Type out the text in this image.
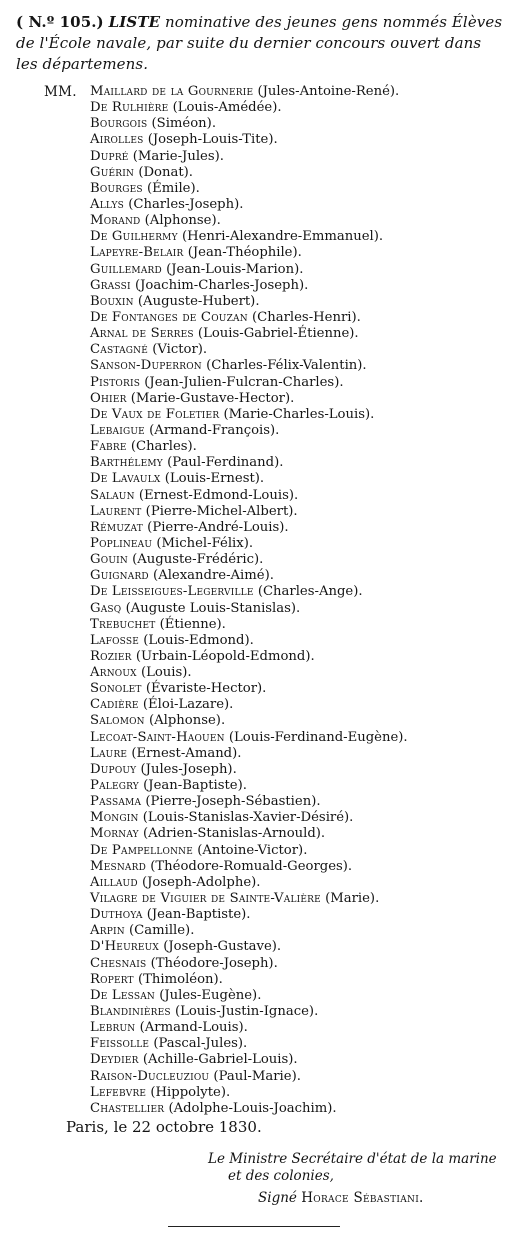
( N.º 105.) LISTE nominative des jeunes gens nommés Élèves de l'École navale, par suite du dernier concours ouvert dans les départemens.
MM. Maillard de la Gournerie (Jules-Antoine-René).
De Rulhière (Louis-Amédée).
Bourgois (Siméon).
Airolles (Joseph-Louis-Tite).
Dupré (Marie-Jules).
Guérin (Donat).
Bourges (Émile).
Allys (Charles-Joseph).
Morand (Alphonse).
De Guilhermy (Henri-Alexandre-Emmanuel).
Lapeyre-Belair (Jean-Théophile).
Guillemard (Jean-Louis-Marion).
Grassi (Joachim-Charles-Joseph).
Bouxin (Auguste-Hubert).
De Fontanges de Couzan (Charles-Henri).
Arnal de Serres (Louis-Gabriel-Étienne).
Castagné (Victor).
Sanson-Duperron (Charles-Félix-Valentin).
Pistoris (Jean-Julien-Fulcran-Charles).
Ohier (Marie-Gustave-Hector).
De Vaux de Foletier (Marie-Charles-Louis).
Lebaigue (Armand-François).
Fabre (Charles).
Barthélemy (Paul-Ferdinand).
De Lavaulx (Louis-Ernest).
Salaun (Ernest-Edmond-Louis).
Laurent (Pierre-Michel-Albert).
Rémuzat (Pierre-André-Louis).
Poplineau (Michel-Félix).
Gouin (Auguste-Frédéric).
Guignard (Alexandre-Aimé).
De Leisseigues-Legerville (Charles-Ange).
Gasq (Auguste Louis-Stanislas).
Trebuchet (Étienne).
Lafosse (Louis-Edmond).
Rozier (Urbain-Léopold-Edmond).
Arnoux (Louis).
Sonolet (Évariste-Hector).
Cadière (Éloi-Lazare).
Salomon (Alphonse).
Lecoat-Saint-Haouen (Louis-Ferdinand-Eugène).
Laure (Ernest-Amand).
Dupouy (Jules-Joseph).
Palegry (Jean-Baptiste).
Passama (Pierre-Joseph-Sébastien).
Mongin (Louis-Stanislas-Xavier-Désiré).
Mornay (Adrien-Stanislas-Arnould).
De Pampellonne (Antoine-Victor).
Mesnard (Théodore-Romuald-Georges).
Aillaud (Joseph-Adolphe).
Vilagre de Viguier de Sainte-Valière (Marie).
Duthoya (Jean-Baptiste).
Arpin (Camille).
D'Heureux (Joseph-Gustave).
Chesnais (Théodore-Joseph).
Ropert (Thimoléon).
De Lessan (Jules-Eugène).
Blandinières (Louis-Justin-Ignace).
Lebrun (Armand-Louis).
Feissolle (Pascal-Jules).
Deydier (Achille-Gabriel-Louis).
Raison-Ducleuziou (Paul-Marie).
Lefebvre (Hippolyte).
Chastellier (Adolphe-Louis-Joachim).
Paris, le 22 octobre 1830.
Le Ministre Secrétaire d'état de la marine
et des colonies,
Signé Horace Sébastiani.
